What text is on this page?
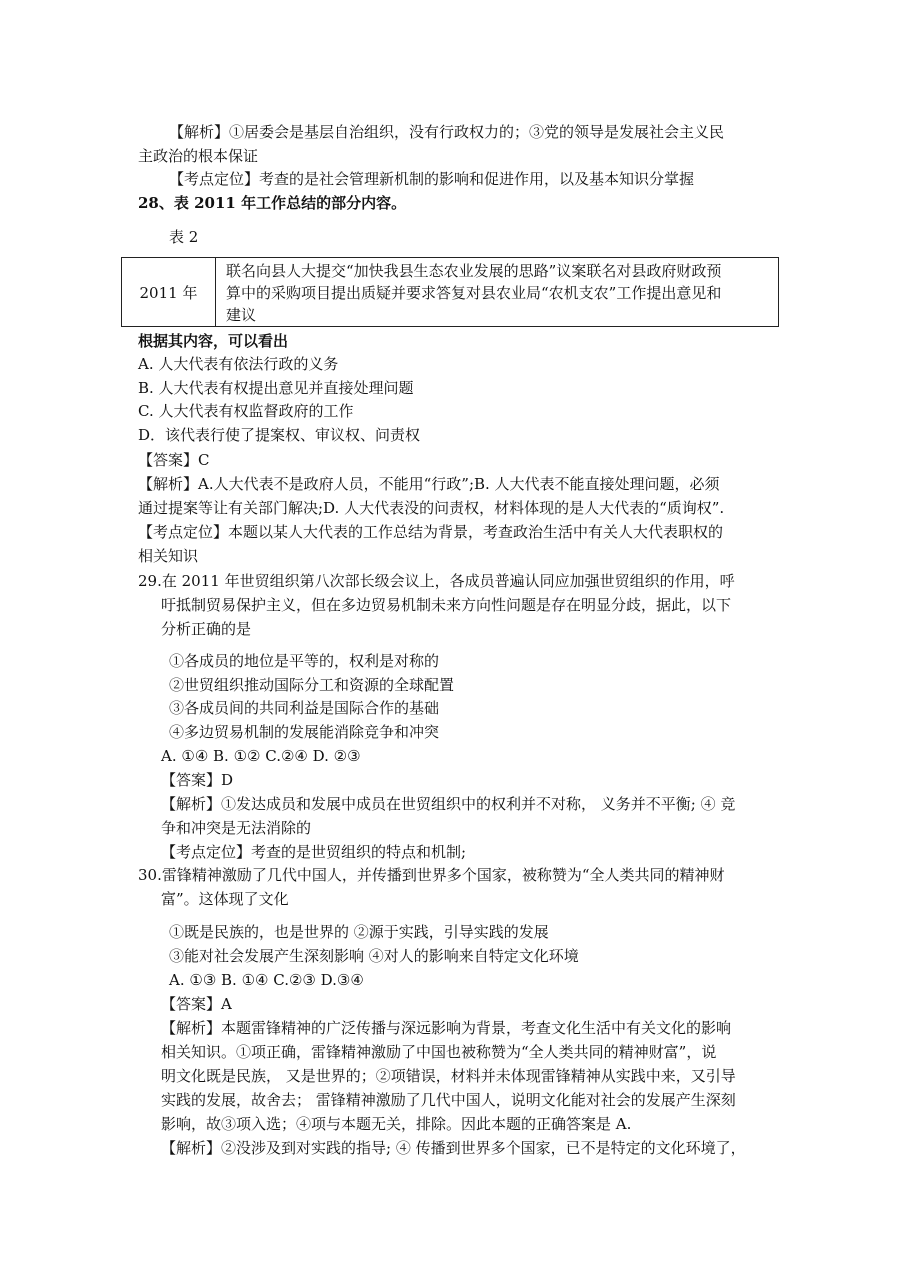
【解析】①居委会是基层自治组织，没有行政权力的；③党的领导是发展社会主义民
主政治的根本保证
【考点定位】考查的是社会管理新机制的影响和促进作用，以及基本知识分掌握
28、表 2011 年工作总结的部分内容。
表 2
2011 年
联名向县人大提交“加快我县生态农业发展的思路”议案联名对县政府财政预
算中的采购项目提出质疑并要求答复对县农业局“农机支农”工作提出意见和
建议
根据其内容，可以看出
A. 人大代表有依法行政的义务
B. 人大代表有权提出意见并直接处理问题
C. 人大代表有权监督政府的工作
D．该代表行使了提案权、审议权、问责权
【答案】C
【解析】A.人大代表不是政府人员，不能用“行政”;B. 人大代表不能直接处理问题，必须
通过提案等让有关部门解决;D. 人大代表没的问责权，材料体现的是人大代表的“质询权”.
【考点定位】本题以某人大代表的工作总结为背景，考查政治生活中有关人大代表职权的
相关知识
29.在 2011 年世贸组织第八次部长级会议上，各成员普遍认同应加强世贸组织的作用，呼
吁抵制贸易保护主义，但在多边贸易机制未来方向性问题是存在明显分歧，据此，以下
分析正确的是
①各成员的地位是平等的，权利是对称的
②世贸组织推动国际分工和资源的全球配置
③各成员间的共同利益是国际合作的基础
④多边贸易机制的发展能消除竞争和冲突
A. ①④ B. ①② C.②④ D. ②③
【答案】D
【解析】①发达成员和发展中成员在世贸组织中的权利并不对称， 义务并不平衡; ④ 竞
争和冲突是无法消除的
【考点定位】考查的是世贸组织的特点和机制;
30.雷锋精神激励了几代中国人，并传播到世界多个国家，被称赞为“全人类共同的精神财
富”。这体现了文化
①既是民族的，也是世界的 ②源于实践，引导实践的发展
③能对社会发展产生深刻影响 ④对人的影响来自特定文化环境
A. ①③ B. ①④ C.②③ D.③④
【答案】A
【解析】本题雷锋精神的广泛传播与深远影响为背景，考查文化生活中有关文化的影响
相关知识。①项正确，雷锋精神激励了中国也被称赞为“全人类共同的精神财富”，说
明文化既是民族， 又是世界的；②项错误，材料并未体现雷锋精神从实践中来，又引导
实践的发展，故舍去； 雷锋精神激励了几代中国人，说明文化能对社会的发展产生深刻
影响，故③项入选；④项与本题无关，排除。因此本题的正确答案是 A.
【解析】②没涉及到对实践的指导; ④ 传播到世界多个国家，已不是特定的文化环境了，
